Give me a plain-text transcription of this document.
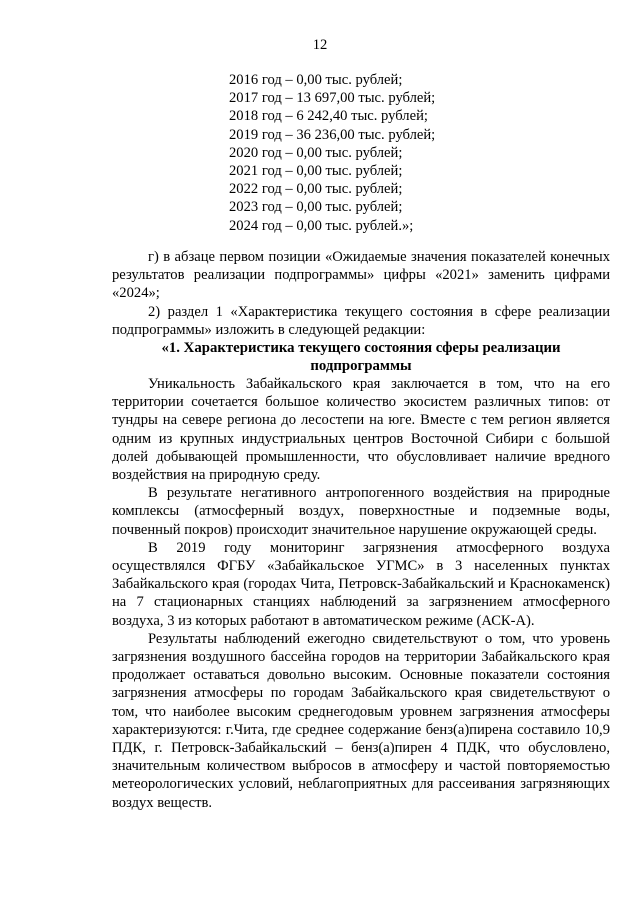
12
2016 год – 0,00 тыс. рублей;
2017 год – 13 697,00 тыс. рублей;
2018 год – 6 242,40 тыс. рублей;
2019 год – 36 236,00 тыс. рублей;
2020 год – 0,00 тыс. рублей;
2021 год – 0,00 тыс. рублей;
2022 год – 0,00 тыс. рублей;
2023 год – 0,00 тыс. рублей;
2024 год – 0,00 тыс. рублей.»;

г) в абзаце первом позиции «Ожидаемые значения показателей конечных результатов реализации подпрограммы» цифры «2021» заменить цифрами «2024»;

2) раздел 1 «Характеристика текущего состояния в сфере реализации подпрограммы» изложить в следующей редакции:

«1. Характеристика текущего состояния сферы реализации подпрограммы

Уникальность Забайкальского края заключается в том, что на его территории сочетается большое количество экосистем различных типов: от тундры на севере региона до лесостепи на юге. Вместе с тем регион является одним из крупных индустриальных центров Восточной Сибири с большой долей добывающей промышленности, что обусловливает наличие вредного воздействия на природную среду.

В результате негативного антропогенного воздействия на природные комплексы (атмосферный воздух, поверхностные и подземные воды, почвенный покров) происходит значительное нарушение окружающей среды.

В 2019 году мониторинг загрязнения атмосферного воздуха осуществлялся ФГБУ «Забайкальское УГМС» в 3 населенных пунктах Забайкальского края (городах Чита, Петровск-Забайкальский и Краснокаменск) на 7 стационарных станциях наблюдений за загрязнением атмосферного воздуха, 3 из которых работают в автоматическом режиме (АСК-А).

Результаты наблюдений ежегодно свидетельствуют о том, что уровень загрязнения воздушного бассейна городов на территории Забайкальского края продолжает оставаться довольно высоким. Основные показатели состояния загрязнения атмосферы по городам Забайкальского края свидетельствуют о том, что наиболее высоким среднегодовым уровнем загрязнения атмосферы характеризуются: г.Чита, где среднее содержание бенз(а)пирена составило 10,9 ПДК, г. Петровск-Забайкальский – бенз(а)пирен 4 ПДК, что обусловлено, значительным количеством выбросов в атмосферу и частой повторяемостью метеорологических условий, неблагоприятных для рассеивания загрязняющих воздух веществ.
